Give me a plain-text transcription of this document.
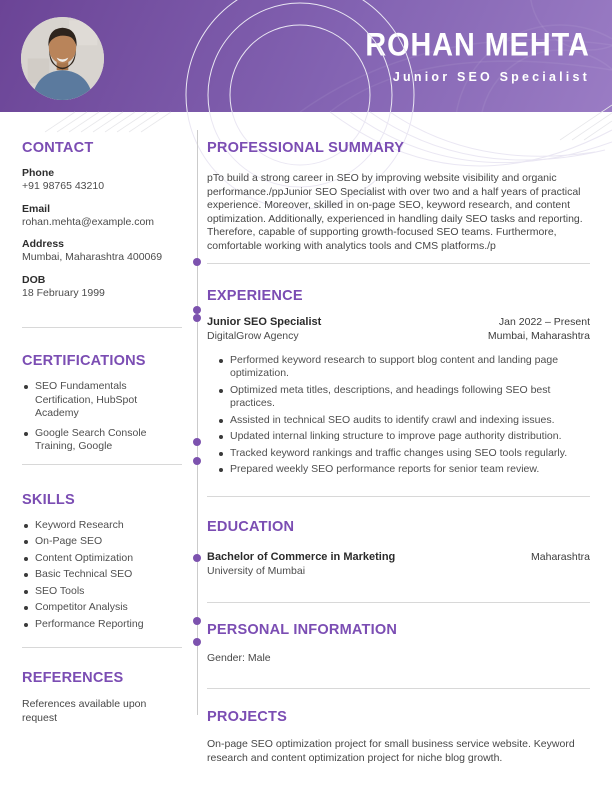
ROHAN MEHTA
Junior SEO Specialist
CONTACT
Phone
+91 98765 43210
Email
rohan.mehta@example.com
Address
Mumbai, Maharashtra 400069
DOB
18 February 1999
CERTIFICATIONS
SEO Fundamentals Certification, HubSpot Academy
Google Search Console Training, Google
SKILLS
Keyword Research
On-Page SEO
Content Optimization
Basic Technical SEO
SEO Tools
Competitor Analysis
Performance Reporting
REFERENCES

References available upon request

PROFESSIONAL SUMMARY

pTo build a strong career in SEO by improving website visibility and organic performance./ppJunior SEO Specialist with over two and a half years of practical experience. Moreover, skilled in on-page SEO, keyword research, and content optimization. Additionally, experienced in handling daily SEO tasks and reporting. Therefore, capable of supporting growth-focused SEO teams. Furthermore, comfortable working with analytics tools and CMS platforms./p

EXPERIENCE
Junior SEO Specialist	Jan 2022 – Present
DigitalGrow Agency	Mumbai, Maharashtra
Performed keyword research to support blog content and landing page optimization.
Optimized meta titles, descriptions, and headings following SEO best practices.
Assisted in technical SEO audits to identify crawl and indexing issues.
Updated internal linking structure to improve page authority distribution.
Tracked keyword rankings and traffic changes using SEO tools regularly.
Prepared weekly SEO performance reports for senior team review.
EDUCATION
Bachelor of Commerce in Marketing	Maharashtra
University of Mumbai
PERSONAL INFORMATION

Gender: Male

PROJECTS

On-page SEO optimization project for small business service website. Keyword research and content optimization project for niche blog growth.
